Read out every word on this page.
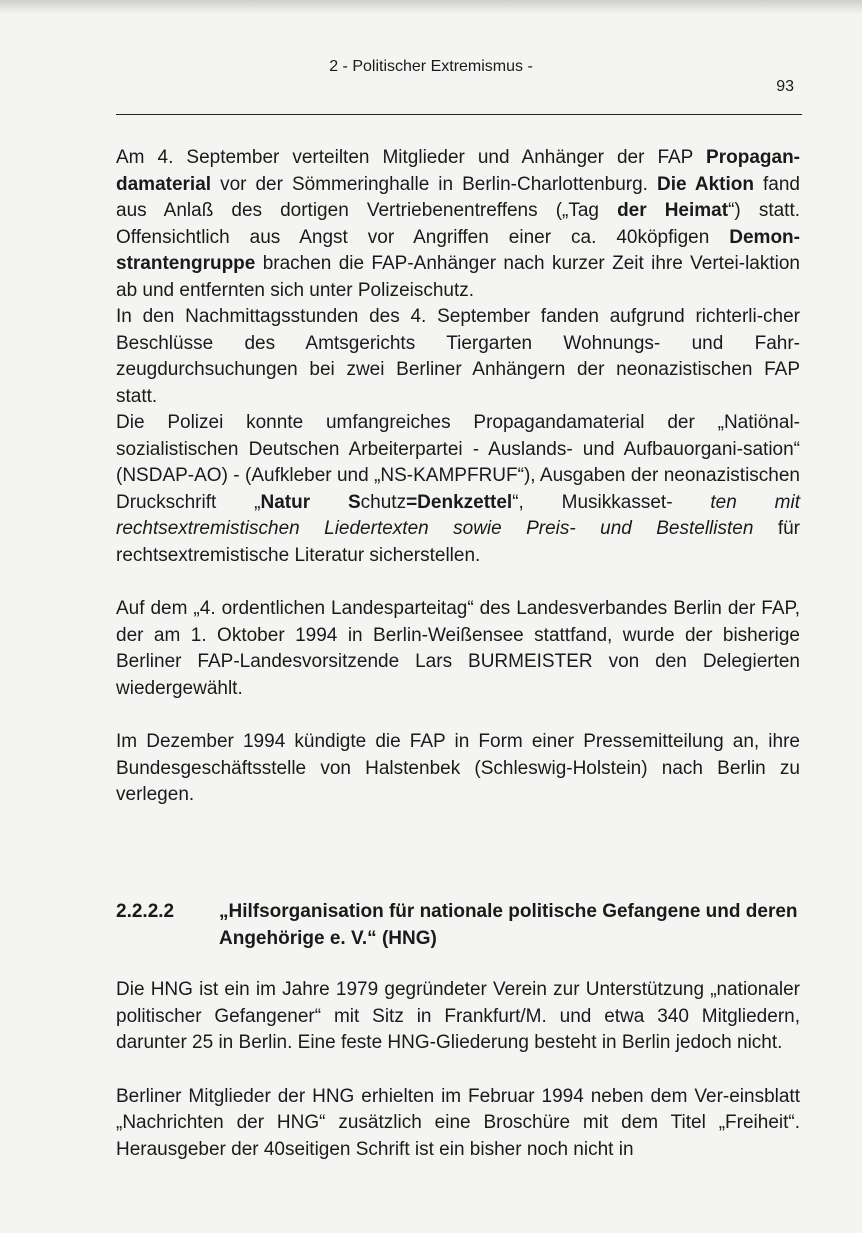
2 - Politischer Extremismus -
93

Am 4. September verteilten Mitglieder und Anhänger der FAP Propagan-damaterial vor der Sömmeringhalle in Berlin-Charlottenburg. Die Aktion fand aus Anlaß des dortigen Vertriebenentreffens („Tag der Heimat“) statt. Offensichtlich aus Angst vor Angriffen einer ca. 40köpfigen Demon-strantengruppe brachen die FAP-Anhänger nach kurzer Zeit ihre Vertei-laktion ab und entfernten sich unter Polizeischutz.

In den Nachmittagsstunden des 4. September fanden aufgrund richterli-cher Beschlüsse des Amtsgerichts Tiergarten Wohnungs- und Fahr-zeugdurchsuchungen bei zwei Berliner Anhängern der neonazistischen FAP statt.

Die Polizei konnte umfangreiches Propagandamaterial der „Natiönal-sozialistischen Deutschen Arbeiterpartei - Auslands- und Aufbauorgani-sation“ (NSDAP-AO) - (Aufkleber und „NS-KAMPFRUF“), Ausgaben der neonazistischen Druckschrift „Natur Schutz=Denkzettel“, Musikkasset- ten mit rechtsextremistischen Liedertexten sowie Preis- und Bestellisten für rechtsextremistische Literatur sicherstellen.

Auf dem „4. ordentlichen Landesparteitag“ des Landesverbandes Berlin der FAP, der am 1. Oktober 1994 in Berlin-Weißensee stattfand, wurde der bisherige Berliner FAP-Landesvorsitzende Lars BURMEISTER von den Delegierten wiedergewählt.

Im Dezember 1994 kündigte die FAP in Form einer Pressemitteilung an, ihre Bundesgeschäftsstelle von Halstenbek (Schleswig-Holstein) nach Berlin zu verlegen.

2.2.2.2 „Hilfsorganisation für nationale politische Gefangene und deren Angehörige e. V.“ (HNG)

Die HNG ist ein im Jahre 1979 gegründeter Verein zur Unterstützung „nationaler politischer Gefangener“ mit Sitz in Frankfurt/M. und etwa 340 Mitgliedern, darunter 25 in Berlin. Eine feste HNG-Gliederung besteht in Berlin jedoch nicht.

Berliner Mitglieder der HNG erhielten im Februar 1994 neben dem Ver-einsblatt „Nachrichten der HNG“ zusätzlich eine Broschüre mit dem Titel „Freiheit“. Herausgeber der 40seitigen Schrift ist ein bisher noch nicht in
